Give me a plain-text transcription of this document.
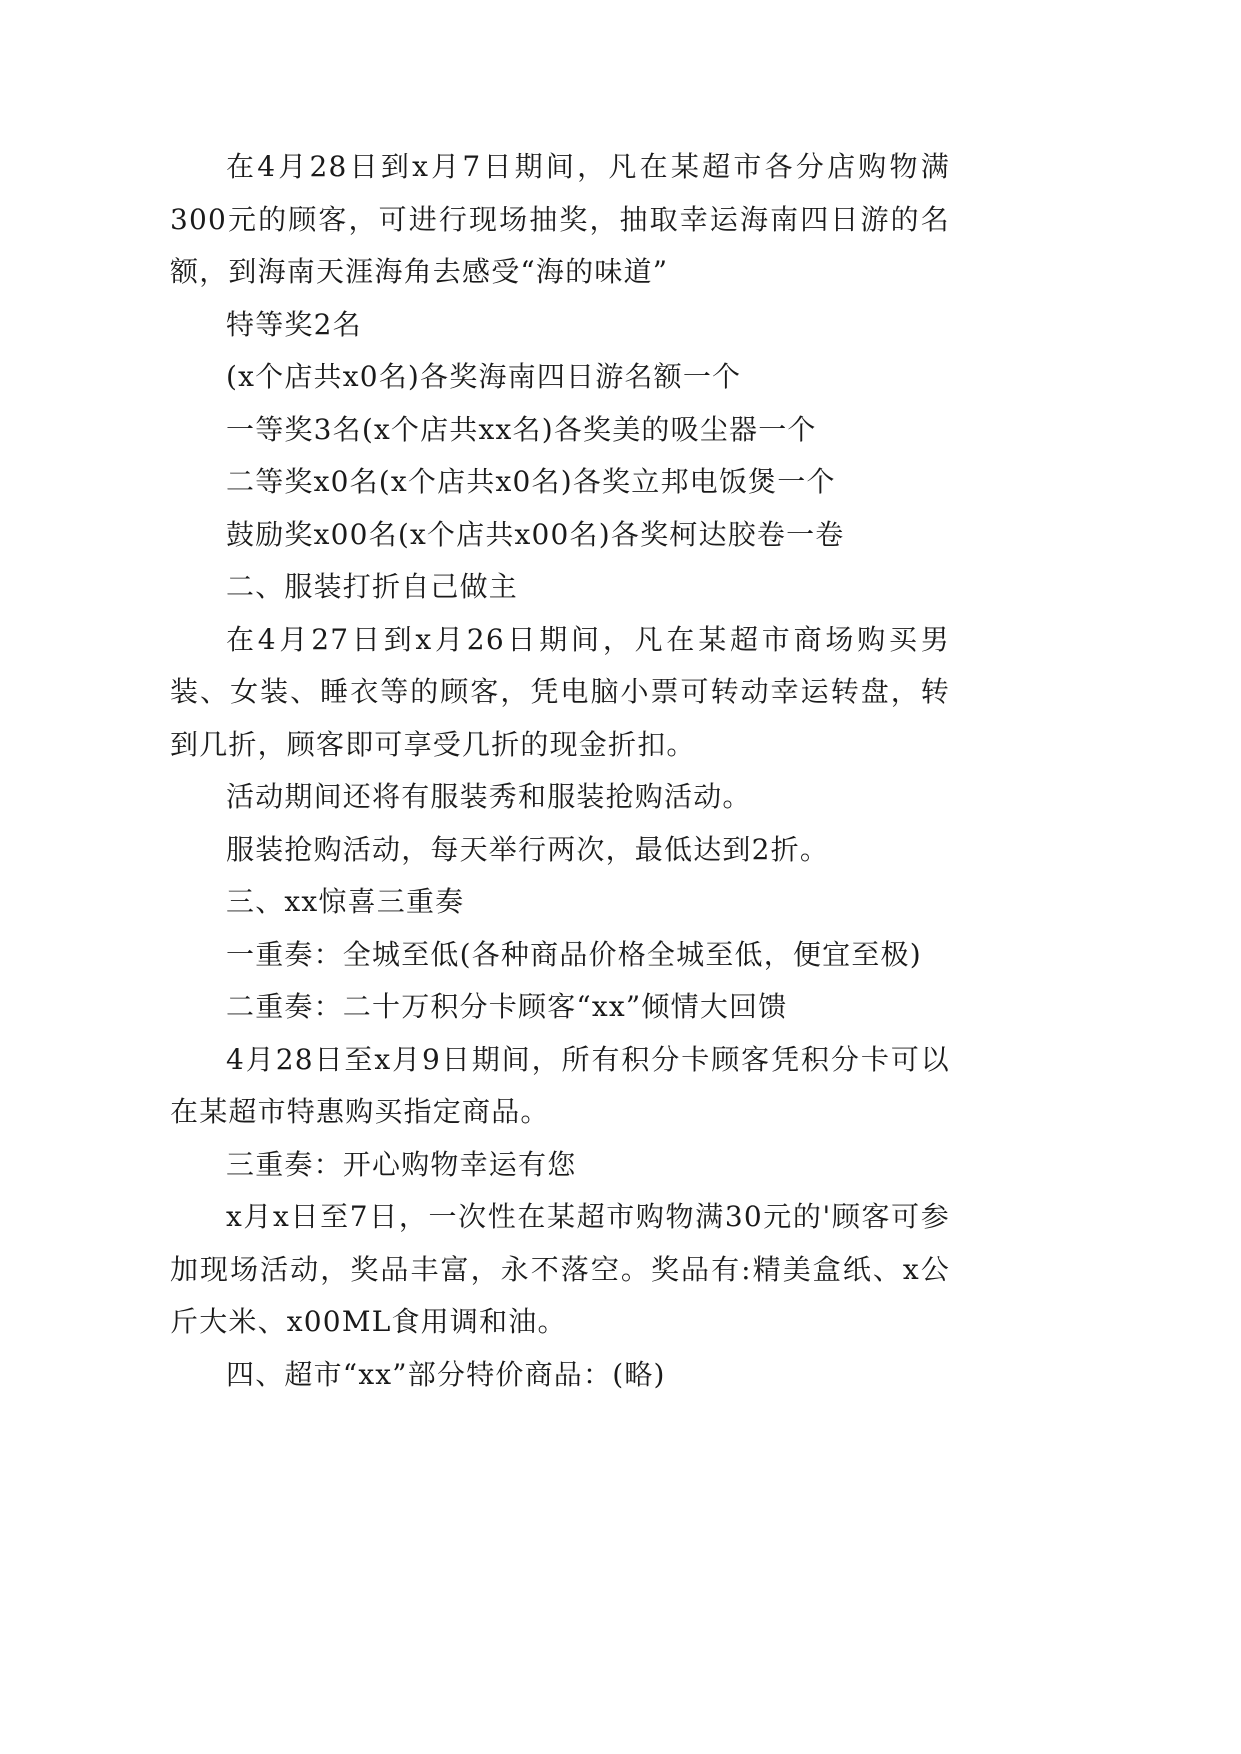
在4月28日到x月7日期间，凡在某超市各分店购物满300元的顾客，可进行现场抽奖，抽取幸运海南四日游的名额，到海南天涯海角去感受“海的味道”

特等奖2名

(x个店共x0名)各奖海南四日游名额一个

一等奖3名(x个店共xx名)各奖美的吸尘器一个

二等奖x0名(x个店共x0名)各奖立邦电饭煲一个

鼓励奖x00名(x个店共x00名)各奖柯达胶卷一卷

二、服装打折自己做主

在4月27日到x月26日期间，凡在某超市商场购买男装、女装、睡衣等的顾客，凭电脑小票可转动幸运转盘，转到几折，顾客即可享受几折的现金折扣。

活动期间还将有服装秀和服装抢购活动。

服装抢购活动，每天举行两次，最低达到2折。

三、xx惊喜三重奏

一重奏：全城至低(各种商品价格全城至低，便宜至极)

二重奏：二十万积分卡顾客“xx”倾情大回馈

4月28日至x月9日期间，所有积分卡顾客凭积分卡可以在某超市特惠购买指定商品。

三重奏：开心购物幸运有您

x月x日至7日，一次性在某超市购物满30元的'顾客可参加现场活动，奖品丰富，永不落空。奖品有:精美盒纸、x公斤大米、x00ML食用调和油。

四、超市“xx”部分特价商品：(略)
